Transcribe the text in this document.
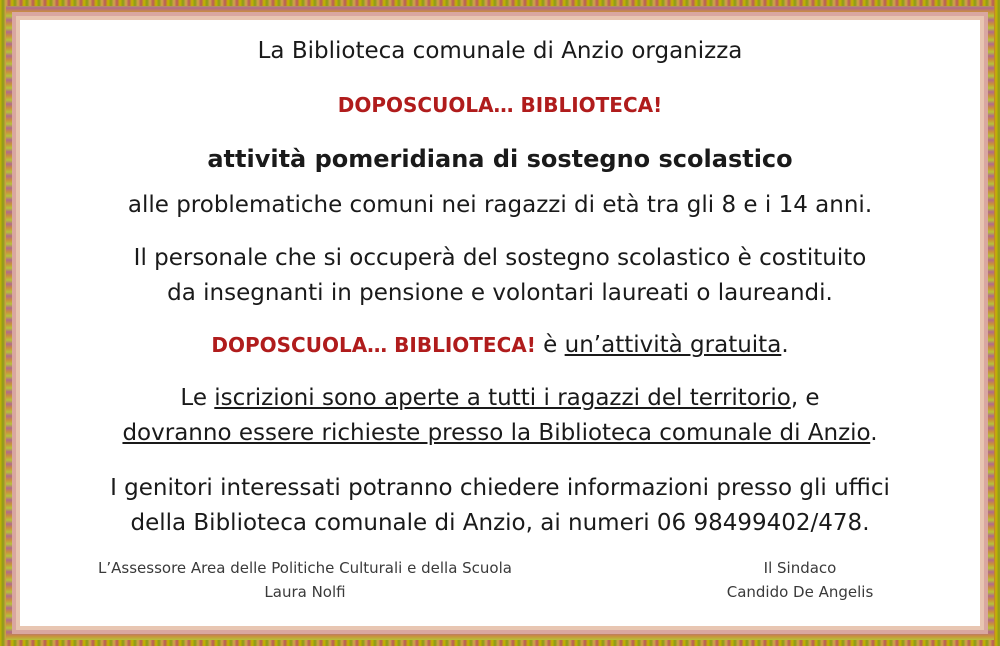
La Biblioteca comunale di Anzio organizza
DOPOSCUOLA… BIBLIOTECA!
attività pomeridiana di sostegno scolastico
alle problematiche comuni nei ragazzi di età tra gli 8 e i 14 anni.
Il personale che si occuperà del sostegno scolastico è costituito
da insegnanti in pensione e volontari laureati o laureandi.
DOPOSCUOLA… BIBLIOTECA! è un’attività gratuita.
Le iscrizioni sono aperte a tutti i ragazzi del territorio, e
dovranno essere richieste presso la Biblioteca comunale di Anzio.
I genitori interessati potranno chiedere informazioni presso gli uffici
della Biblioteca comunale di Anzio, ai numeri 06 98499402/478.
L’Assessore Area delle Politiche Culturali e della Scuola
Laura Nolfi
Il Sindaco
Candido De Angelis
